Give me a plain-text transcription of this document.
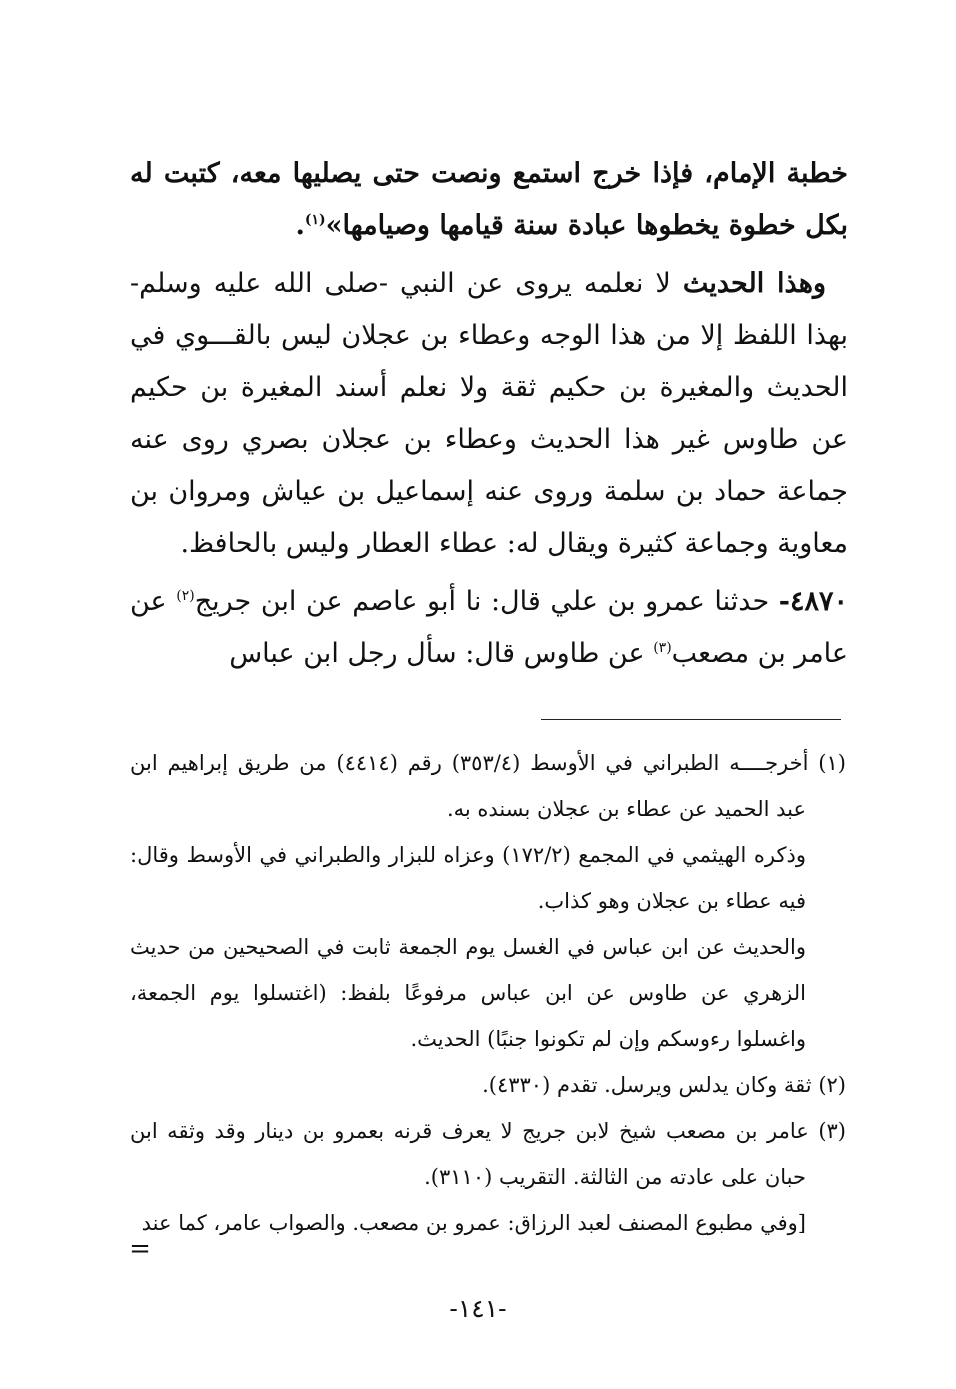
خطبة الإمام، فإذا خرج استمع ونصت حتى يصليها معه، كتبت له بكل خطوة يخطوها عبادة سنة قيامها وصيامها»$^{(١)}$.

وهذا الحديث لا نعلمه يروى عن النبي -صلى الله عليه وسلم- بهذا اللفظ إلا من هذا الوجه وعطاء بن عجلان ليس بالقـــوي في الحديث والمغيرة بن حكيم ثقة ولا نعلم أسند المغيرة بن حكيم عن طاوس غير هذا الحديث وعطاء بن عجلان بصري روى عنه جماعة حماد بن سلمة وروى عنه إسماعيل بن عياش ومروان بن معاوية وجماعة كثيرة ويقال له: عطاء العطار وليس بالحافظ.

٤٨٧٠- حدثنا عمرو بن علي قال: نا أبو عاصم عن ابن جريج$^{(٢)}$ عن عامر بن مصعب$^{(٣)}$ عن طاوس قال: سأل رجل ابن عباس

(١) أخرجــــه الطبراني في الأوسط (٣٥٣/٤) رقم (٤٤١٤) من طريق إبراهيم ابن عبد الحميد عن عطاء بن عجلان بسنده به.

وذكره الهيثمي في المجمع (١٧٢/٢) وعزاه للبزار والطبراني في الأوسط وقال: فيه عطاء بن عجلان وهو كذاب.

والحديث عن ابن عباس في الغسل يوم الجمعة ثابت في الصحيحين من حديث الزهري عن طاوس عن ابن عباس مرفوعًا بلفظ: (اغتسلوا يوم الجمعة، واغسلوا رءوسكم وإن لم تكونوا جنبًا) الحديث.

(٢) ثقة وكان يدلس ويرسل. تقدم (٤٣٣٠).

(٣) عامر بن مصعب شيخ لابن جريج لا يعرف قرنه بعمرو بن دينار وقد وثقه ابن حبان على عادته من الثالثة. التقريب (٣١١٠).

[وفي مطبوع المصنف لعبد الرزاق: عمرو بن مصعب. والصواب عامر، كما عند

=
-١٤١-
